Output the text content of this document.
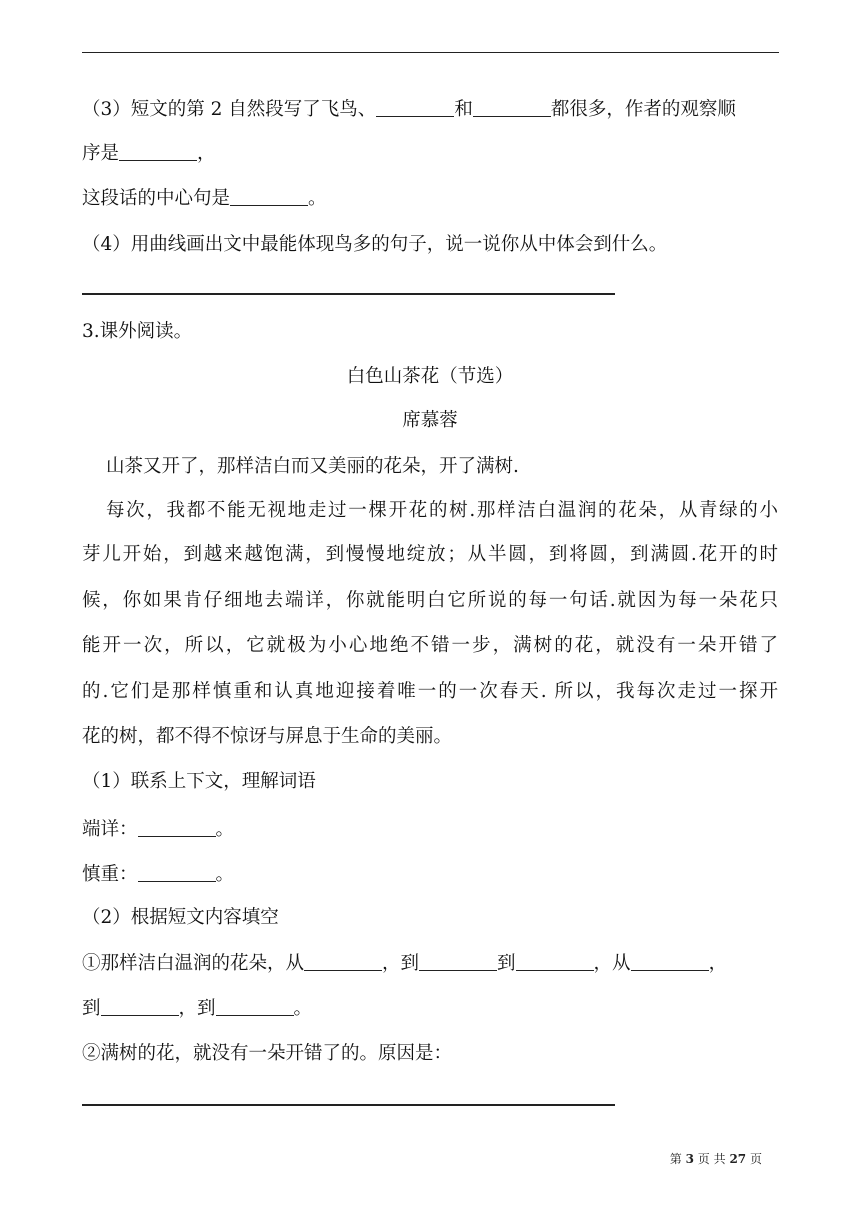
（3）短文的第 2 自然段写了飞鸟、	和	都很多，作者的观察顺
序是	，
这段话的中心句是	。
（4）用曲线画出文中最能体现鸟多的句子，说一说你从中体会到什么。
3.课外阅读。
白色山茶花（节选）
席慕蓉
山茶又开了，那样洁白而又美丽的花朵，开了满树.
每次，我都不能无视地走过一棵开花的树.那样洁白温润的花朵，从青绿的小
芽儿开始，到越来越饱满，到慢慢地绽放；从半圆，到将圆，到满圆.花开的时
候，你如果肯仔细地去端详，你就能明白它所说的每一句话.就因为每一朵花只
能开一次，所以，它就极为小心地绝不错一步，满树的花，就没有一朵开错了
的.它们是那样慎重和认真地迎接着唯一的一次春天. 所以，我每次走过一探开
花的树，都不得不惊讶与屏息于生命的美丽。
（1）联系上下文，理解词语
端详：	。
慎重：	。
（2）根据短文内容填空
①那样洁白温润的花朵，从	，到	到	，从	，
到	，到	。
②满树的花，就没有一朵开错了的。原因是：
第 3 页 共 27 页
